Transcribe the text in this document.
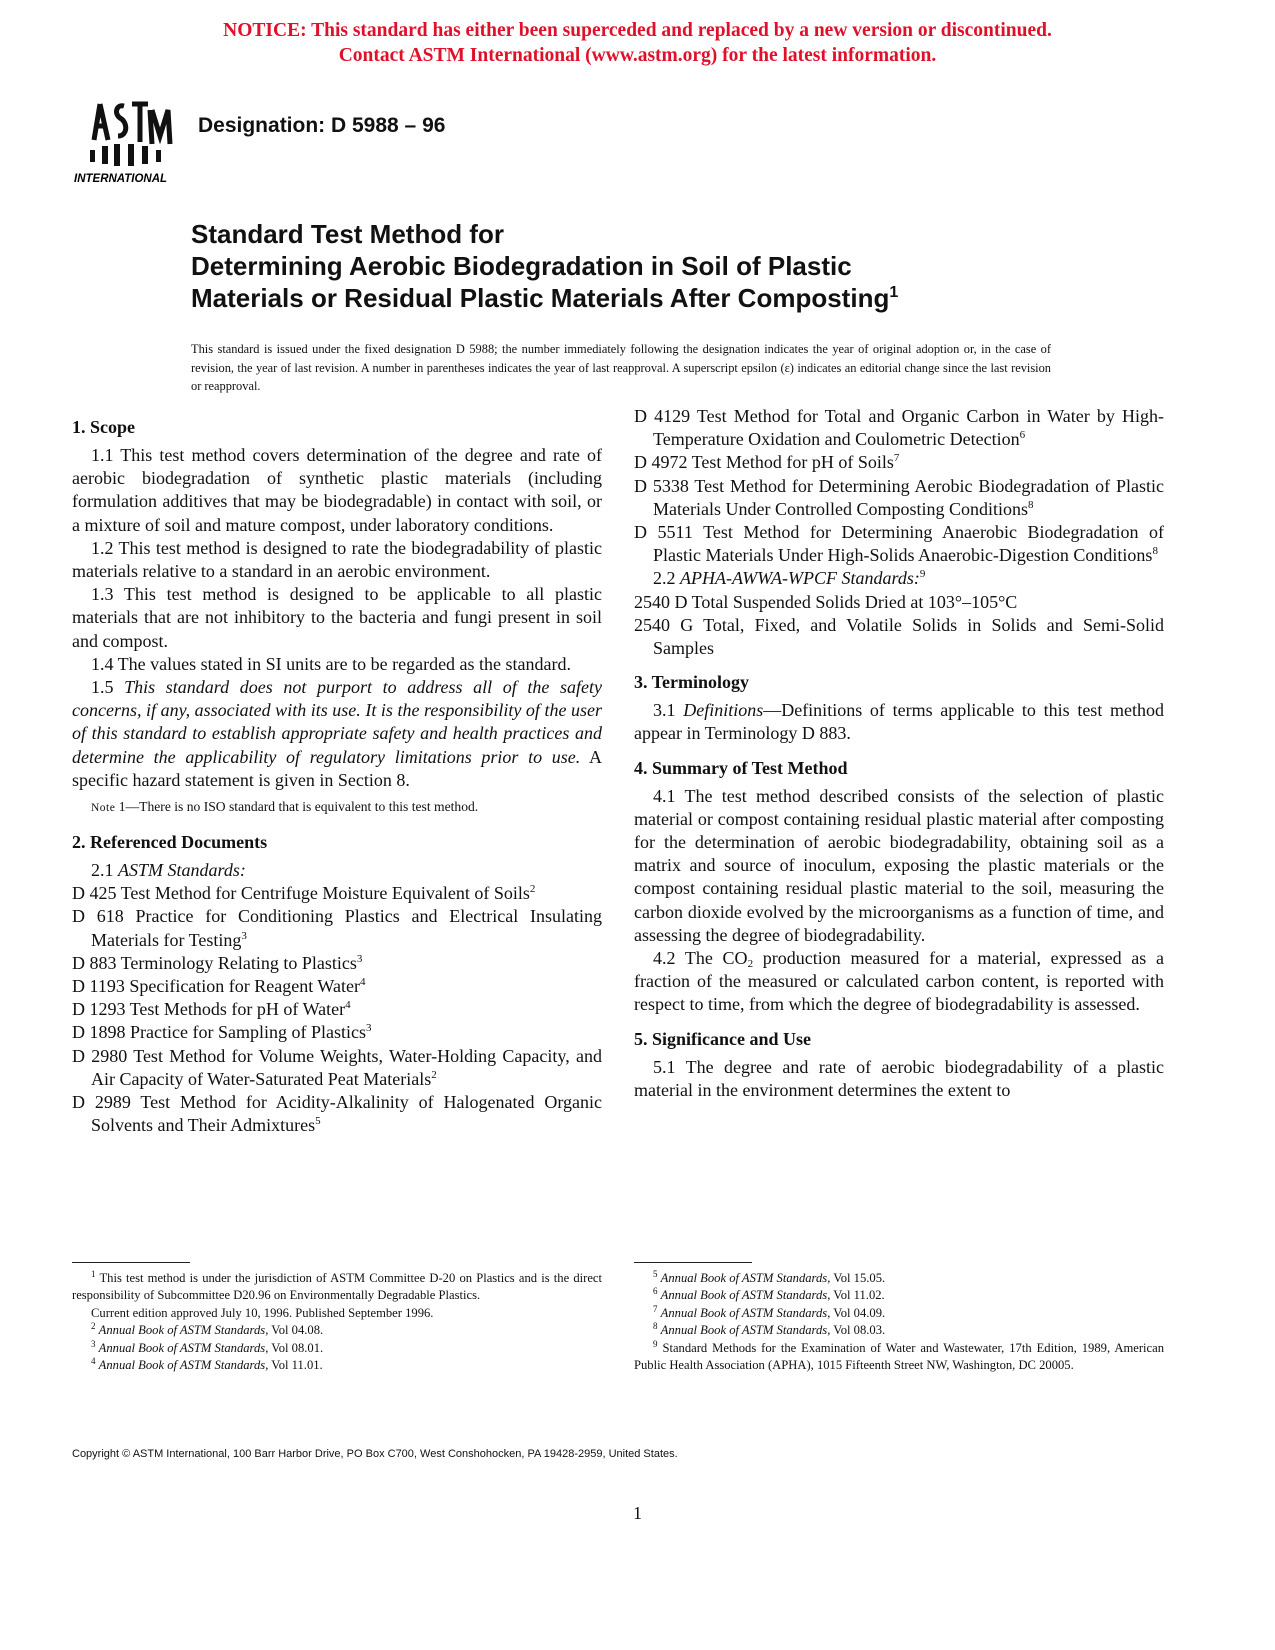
NOTICE: This standard has either been superceded and replaced by a new version or discontinued.
Contact ASTM International (www.astm.org) for the latest information.
INTERNATIONAL
Designation: D 5988 – 96
Standard Test Method for
Determining Aerobic Biodegradation in Soil of Plastic
Materials or Residual Plastic Materials After Composting$^1$
This standard is issued under the fixed designation D 5988; the number immediately following the designation indicates the year of original adoption or, in the case of revision, the year of last revision. A number in parentheses indicates the year of last reapproval. A superscript epsilon (ε) indicates an editorial change since the last revision or reapproval.
1. Scope

1.1 This test method covers determination of the degree and rate of aerobic biodegradation of synthetic plastic materials (including formulation additives that may be biodegradable) in contact with soil, or a mixture of soil and mature compost, under laboratory conditions.

1.2 This test method is designed to rate the biodegradability of plastic materials relative to a standard in an aerobic environment.

1.3 This test method is designed to be applicable to all plastic materials that are not inhibitory to the bacteria and fungi present in soil and compost.

1.4 The values stated in SI units are to be regarded as the standard.

1.5 This standard does not purport to address all of the safety concerns, if any, associated with its use. It is the responsibility of the user of this standard to establish appropriate safety and health practices and determine the applicability of regulatory limitations prior to use. A specific hazard statement is given in Section 8.

Note 1—There is no ISO standard that is equivalent to this test method.

2. Referenced Documents

2.1 ASTM Standards:

D 425 Test Method for Centrifuge Moisture Equivalent of Soils$^2$

D 618 Practice for Conditioning Plastics and Electrical Insulating Materials for Testing$^3$

D 883 Terminology Relating to Plastics$^3$

D 1193 Specification for Reagent Water$^4$

D 1293 Test Methods for pH of Water$^4$

D 1898 Practice for Sampling of Plastics$^3$

D 2980 Test Method for Volume Weights, Water-Holding Capacity, and Air Capacity of Water-Saturated Peat Materials$^2$

D 2989 Test Method for Acidity-Alkalinity of Halogenated Organic Solvents and Their Admixtures$^5$

D 4129 Test Method for Total and Organic Carbon in Water by High-Temperature Oxidation and Coulometric Detection$^6$

D 4972 Test Method for pH of Soils$^7$

D 5338 Test Method for Determining Aerobic Biodegradation of Plastic Materials Under Controlled Composting Conditions$^8$

D 5511 Test Method for Determining Anaerobic Biodegradation of Plastic Materials Under High-Solids Anaerobic-Digestion Conditions$^8$

2.2 APHA-AWWA-WPCF Standards:$^9$

2540 D Total Suspended Solids Dried at 103°–105°C

2540 G Total, Fixed, and Volatile Solids in Solids and Semi-Solid Samples

3. Terminology

3.1 Definitions—Definitions of terms applicable to this test method appear in Terminology D 883.

4. Summary of Test Method

4.1 The test method described consists of the selection of plastic material or compost containing residual plastic material after composting for the determination of aerobic biodegradability, obtaining soil as a matrix and source of inoculum, exposing the plastic materials or the compost containing residual plastic material to the soil, measuring the carbon dioxide evolved by the microorganisms as a function of time, and assessing the degree of biodegradability.

4.2 The $CO_2$ production measured for a material, expressed as a fraction of the measured or calculated carbon content, is reported with respect to time, from which the degree of biodegradability is assessed.

5. Significance and Use

5.1 The degree and rate of aerobic biodegradability of a plastic material in the environment determines the extent to

$^1$ This test method is under the jurisdiction of ASTM Committee D-20 on Plastics and is the direct responsibility of Subcommittee D20.96 on Environmentally Degradable Plastics.

Current edition approved July 10, 1996. Published September 1996.

$^2$ Annual Book of ASTM Standards, Vol 04.08.

$^3$ Annual Book of ASTM Standards, Vol 08.01.

$^4$ Annual Book of ASTM Standards, Vol 11.01.

$^5$ Annual Book of ASTM Standards, Vol 15.05.

$^6$ Annual Book of ASTM Standards, Vol 11.02.

$^7$ Annual Book of ASTM Standards, Vol 04.09.

$^8$ Annual Book of ASTM Standards, Vol 08.03.

$^9$ Standard Methods for the Examination of Water and Wastewater, 17th Edition, 1989, American Public Health Association (APHA), 1015 Fifteenth Street NW, Washington, DC 20005.

Copyright © ASTM International, 100 Barr Harbor Drive, PO Box C700, West Conshohocken, PA 19428-2959, United States.
1
